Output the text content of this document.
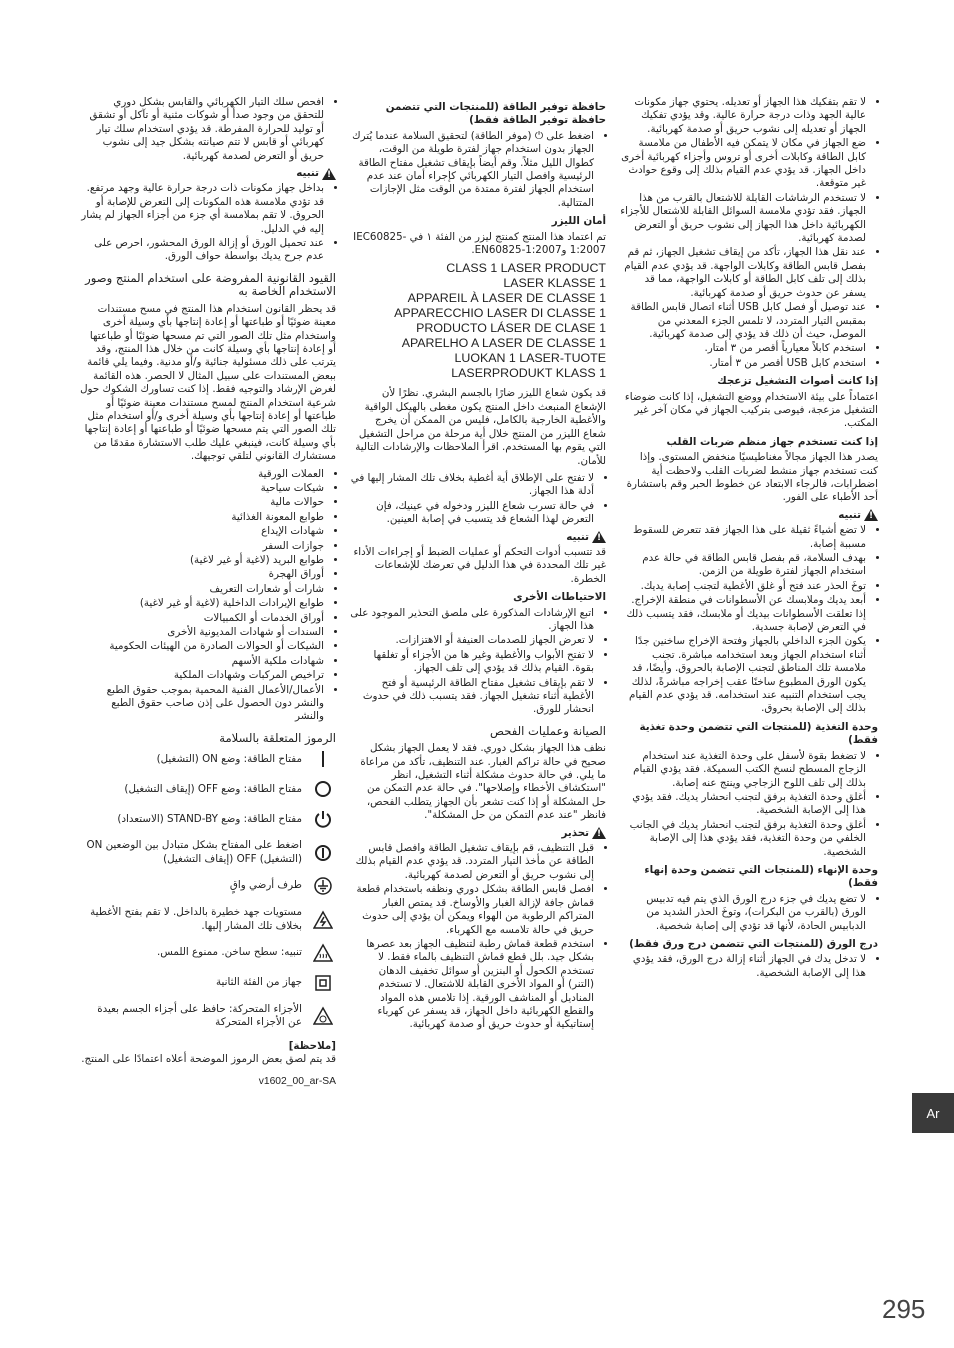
• لا تقم بتفكيك هذا الجهاز أو تعديله. يحتوي جهاز مكونات عالية الجهد وذات درجة حرارة عالية. وقد يؤدي تفكيك الجهاز أو تعديله إلى نشوب حريق أو صدمة كهربائية.
• ضع الجهاز في مكان لا يتمكن فيه الأطفال من ملامسة كابل الطاقة وكابلات أخرى أو تروس وأجزاء كهربائية أخرى داخل الجهاز. قد يؤدي عدم القيام بذلك إلى وقوع حوادث غير متوقعة.
• لا تستخدم الرشاشات القابلة للاشتعال بالقرب من هذا الجهاز. فقد تؤدي ملامسة السوائل القابلة للاشتعال للأجزاء الكهربائية داخل هذا الجهاز إلى نشوب حريق أو التعرض لصدمة كهربائية.
• عند نقل هذا الجهاز، تأكد من إيقاف تشغيل الجهاز، ثم قم بفصل قابس الطاقة وكابلات الواجهة. قد يؤدي عدم القيام بذلك إلى تلف كابل الطاقة أو كابلات الواجهة، مما قد يسفر عن حدوث حريق أو صدمة كهربائية.
• عند توصيل أو فصل كابل USB أثناء اتصال قابس الطاقة بمقبس التيار المتردد، لا تلمس الجزء المعدني من الموصل، حيث أن ذلك قد يؤدي إلى صدمة كهربائية.
• استخدم كابلاً معيارياً أقصر من ٣ أمتار.
• استخدم كابل USB أقصر من ٣ أمتار.
إذا كانت أصوات التشغيل تزعجك

اعتماداً على بيئة الاستخدام ووضع التشغيل، إذا كانت ضوضاء التشغيل مزعجة، فيوصى بتركيب الجهاز في مكان آخر غير المكتب.

إذا كنت تستخدم جهاز منظم ضربات القلب

يصدر هذا الجهاز مجالاً مغناطيسيًا منخفض المستوى. وإذا كنت تستخدم جهاز منشط لضربات القلب ولاحظت أية اضطرابات، فالرجاء الابتعاد عن خطوط الحبر وقم باستشارة أحد الأطباء على الفور.

!
تنبيه
• لا تضع أشياءً ثقيلة على هذا الجهاز فقد تتعرض للسقوط مسببة إصابة.
• بهدف السلامة، قم بفصل قابس الطاقة في حالة عدم استخدام الجهاز لفترة طويلة من الزمن.
• توخَ الحذر عند فتح أو غلق الأغطية لتجنب إصابة يديك.
• أبعد يديك وملابسك عن الأسطوانات في منطقة الإخراج. إذا تعلقت الأسطوانات بيديك أو ملابسك، فقد يتسبب ذلك في التعرض لإصابة جسدية.
• يكون الجزء الداخلي بالجهاز وفتحة الإخراج ساخنين جدًا أثناء استخدام الجهاز وبعد استخدامه مباشرة. تجنب ملامسة تلك المناطق لتجنب الإصابة بالحروق. وأيضًا، قد يكون الورق المطبوع ساخنًا عقب إخراجه مباشرةً، لذلك يجب استخدام التنبيه عند استخدامه. قد يؤدي عدم القيام بذلك إلى الإصابة بحروق.
وحدة التغذية (للمنتجات التي تتضمن وحدة تغذية فقط)
• لا تضغط بقوة لأسفل على وحدة التغذية عند استخدام الزجاج المسطح لنسخ الكتب السميكة. فقد يؤدي القيام بذلك إلى تلف اللوح الزجاجي وينتج عنه إصابة.
• أغلق وحدة التغذية برفق لتجنب انحشار يديك. فقد يؤدي هذا إلى الإصابة الشخصية.
• أغلق وحدة التغذية برفق لتجنب انحشار يديك في الجانب الخلفي من وحدة التغذية، فقد يؤدي هذا إلى الإصابة الشخصية.
وحدة الإنهاء (للمنتجات التي تتضمن وحدة إنهاء فقط)
• لا تضع يديك في جزء درج الورق الذي يتم فيه تدبيس الورق (بالقرب من البكرات)، وتوخَ الحذر الشديد من الدبابيس الحادة، لأنها قد تؤدي إلى إصابة شخصية.
درج الورق (للمنتجات التي تتضمن درج ورق فقط)
• لا تدخل يدك في الجهاز أثناء إزالة درج الورق، فقد يؤدي هذا إلى الإصابة الشخصية.
حافظة توفير الطاقة (للمنتجات التي تتضمن حافظة توفير الطاقة فقط)
• اضغط على ⏻ (موفر الطاقة) لتحقيق السلامة عندما يُترك الجهاز بدون استخدام جهاز لفترة طويلة من الوقت، كطوال الليل مثلاً. وقم أيضاً بإيقاف تشغيل مفتاح الطاقة الرئيسية وافصل التيار الكهربائي كإجراء أمان عند عدم استخدام الجهاز لفترة ممتدة من الوقت مثل الإجازات المتتالية.
أمان الليزر

تم اعتماد هذا المنتج كمنتج ليزر من الفئة ١ في IEC60825-1:2007 وEN60825-1:2007.

CLASS 1 LASER PRODUCT
LASER KLASSE 1
APPAREIL À LASER DE CLASSE 1
APPARECCHIO LASER DI CLASSE 1
PRODUCTO LÁSER DE CLASE 1
APARELHO A LASER DE CLASSE 1
LUOKAN 1 LASER-TUOTE
LASERPRODUKT KLASS 1

قد يكون شعاع الليزر ضارًا بالجسم البشري. نظرًا لأن الإشعاع المنبعث داخل المنتج يكون مغطى بالهيكل الواقية والأغطية الخارجية بالكامل، فليس من الممكن أن يخرج شعاع الليزر من المنتج خلال أية مرحلة من مراحل التشغيل التي يقوم بها المستخدم. اقرأ الملاحظات والإرشادات التالية للأمان.

• لا تفتح على الإطلاق أية أغطية بخلاف تلك المشار إليها في أدلة هذا الجهاز.
• في حالة تسرب شعاع الليزر ودخوله في عينيك، فإن التعرض لهذا الشعاع قد يتسبب في إصابة العينين.
!
تنبيه

قد تتسبب أدوات التحكم أو عمليات الضبط أو إجراءات الأداء غير تلك المحددة في هذا الدليل في تعرضك للإشعاعات الخطرة.

الاحتياطات الأخرى
• اتبع الإرشادات المذكورة على ملصق التحذير الموجود على هذا الجهاز.
• لا تعرض الجهاز للصدمات العنيفة أو الاهتزازات.
• لا تفتح الأبواب والأغطية وغير ها من الأجزاء أو تغلقها بقوة. القيام بذلك قد يؤدي إلى تلف الجهاز.
• لا تقم بإيقاف تشغيل مفتاح الطاقة الرئيسية أو فتح الأغطية أثناء تشغيل الجهاز. فقد يتسبب ذلك في حدوث انحشار للورق.
الصيانة وعمليات الفحص

نظف هذا الجهاز بشكل دوري. فقد لا يعمل الجهاز بشكل صحيح في حالة تراكم الغبار. عند التنظيف، تأكد من مراعاة ما يلي. في حالة حدوث مشكلة أثناء التشغيل، انظر "استكشاف الأخطاء وإصلاحها". في حالة عدم التمكن من حل المشكلة أو إذا كنت تشعر بأن الجهاز يتطلب الفحص، فانظر "عند عدم التمكن من حل المشكلة".

!
تحذير
• قبل التنظيف، قم بإيقاف تشغيل الطاقة وافصل قابس الطاقة عن مأخذ التيار المتردد. قد يؤدي عدم القيام بذلك إلى نشوب حريق أو التعرض لصدمة كهربائية.
• افصل قابس الطاقة بشكل دوري ونظفه باستخدام قطعة قماش جافة لإزالة الغبار والأوساخ. قد يمتص الغبار المتراكم الرطوبة من الهواء ويمكن أن يؤدي إلى حدوث حريق في حالة تلامسه مع الكهرباء.
• استخدم قطعة قماش رطبة لتنظيف الجهاز بعد عصرها بشكل جيد. بلل قطع قماش التنظيف بالماء فقط. لا تستخدم الكحول أو البنزين أو سوائل تخفيف الدهان (التنر) أو المواد الأخرى القابلة للاشتعال. لا تستخدم المناديل أو المناشف الورقية. إذا تلامس هذه المواد والقطع الكهربائية داخل الجهاز، قد يسفر عن كهرباء إستاتيكية أو حدوث حريق أو صدمة كهربائية.
• افحص سلك التيار الكهربائي والقابس بشكل دوري للتحقق من وجود صدأ أو شوكات مثنية أو تآكل أو تشقق أو توليد للحرارة المفرطة. قد يؤدي استخدام سلك تيار كهربائي أو قابس لا تتم صيانته بشكل جيد إلى نشوب حريق أو التعرض لصدمة كهربائية.
!
تنبيه
• بداخل جهاز مكونات ذات درجة حرارة عالية وجهد مرتفع. قد تؤدي ملامسة هذه المكونات إلى التعرض للإصابة أو الحروق. لا تقم بملامسة أي جزء من أجزاء الجهاز لم يشار إليه في الدليل.
• عند تحميل الورق أو إزالة الورق المحشور، احرص على عدم جرح يديك بواسطة حواف الورق.
القيود القانونية المفروضة على استخدام المنتج وصور الاستخدام الخاصة به

قد يحظر القانون استخدام هذا المنتج في مسح مستندات معينة ضوئيًا أو طباعتها أو إعادة إنتاجها بأي وسيلة أخرى واستخدام مثل تلك الصور التي تم مسحها ضوئيًا أو طباعتها أو إعادة إنتاجها بأي وسيلة كانت من خلال هذا المنتج، وقد يترتب على ذلك مسئولية جنائية و/أو مدنية. وفيما يلي قائمة ببعض المستندات على سبيل المثال لا الحصر. هذه القائمة لغرض الإرشاد والتوجيه فقط. إذا كنت تساورك الشكوك حول شرعية استخدام المنتج لمسح مستندات معينة ضوئيًا أو طباعتها أو إعادة إنتاجها بأي وسيلة أخرى و/أو استخدام مثل تلك الصور التي يتم مسحها ضوئيًا أو طباعتها أو إعادة إنتاجها بأي وسيلة كانت، فينبغي عليك طلب الاستشارة مقدمًا من مستشارك القانوني لتلقي توجيهك.

• العملات الورقية
• شيكات سياحية
• حوالات مالية
• طوابع المعونة الغذائية
• شهادات الإيداع
• جوازات السفر
• طوابع البريد (لاغية أو غير لاغية)
• أوراق الهجرة
• شارات أو شعارات التعريف
• طوابع الإيرادات الداخلية (لاغية أو غير لاغية)
• أوراق الخدمات أو الكمبيالات
• السندات أو شهادات المديونية الأخرى
• الشيكات أو الحوالات الصادرة من الهيئات الحكومية
• شهادات ملكية الأسهم
• تراخيص المركبات وشهادات الملكية
• الأعمال/الأعمال الفنية المحمية بموجب حقوق الطبع والنشر دون الحصول على إذن صاحب حقوق الطبع والنشر
الرموز المتعلقة بالسلامة
مفتاح الطاقة: وضع ON (التشغيل)
مفتاح الطاقة: وضع OFF (إيقاف التشغيل)
مفتاح الطاقة: وضع STAND-BY (الاستعداد)
اضغط على المفتاح بشكل متبادل بين الوضعين ON (التشغيل) OFF (إيقاف التشغيل)
طرف أرضي واقٍ
مستويات جهد خطيرة بالداخل. لا تقم بفتح الأغطية بخلاف تلك المشار إليها.
تنبيه: سطح ساخن. ممنوع اللمس.
جهاز من الفئة الثانية
الأجزاء المتحركة: حافظ على أجزاء الجسم بعيدة عن الأجزاء المتحركة
[ملاحظة]

قد يتم لصق بعض الرموز الموضحة أعلاه اعتمادًا على المنتج.

v1602_00_ar-SA
Ar
295
